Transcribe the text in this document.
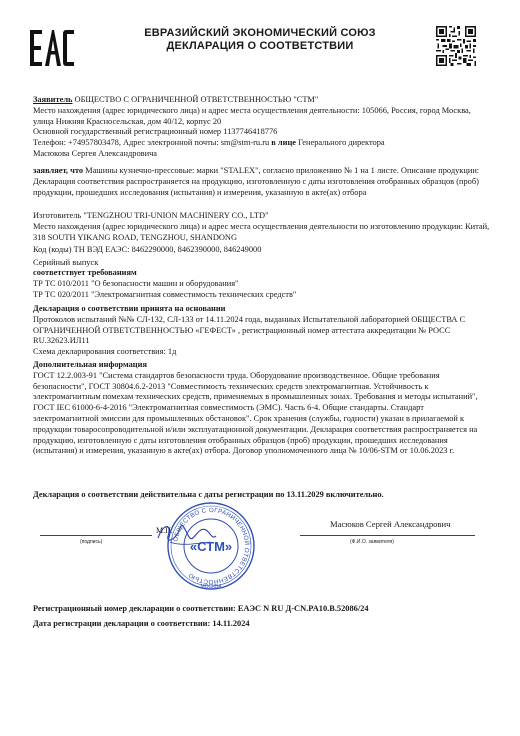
ЕВРАЗИЙСКИЙ ЭКОНОМИЧЕСКИЙ СОЮЗ
ДЕКЛАРАЦИЯ О СООТВЕТСТВИИ

Заявитель ОБЩЕСТВО С ОГРАНИЧЕННОЙ ОТВЕТСТВЕННОСТЬЮ "СТМ"

Место нахождения (адрес юридического лица) и адрес места осуществления деятельности: 105066, Россия, город Москва, улица Нижняя Красносельская, дом 40/12, корпус 20

Основной государственный регистрационный номер 1137746418776

Телефон: +74957803478, Адрес электронной почты: sm@stm-ru.ru в лице Генерального директора

Масюкова Сергея Александровича

заявляет, что Машины кузнечно-прессовые: марки "STALEX", согласно приложению № 1 на 1 листе. Описание продукции: Декларация соответствия распространяется на продукцию, изготовленную с даты изготовления отобранных образцов (проб) продукции, прошедших исследования (испытания) и измерения, указанную в акте(ах) отбора

Изготовитель "TENGZHOU TRI-UNION MACHINERY CO., LTD"

Место нахождения (адрес юридического лица) и адрес места осуществления деятельности по изготовлению продукции: Китай, 318 SOUTH YIKANG ROAD, TENGZHOU, SHANDONG

Код (коды) ТН ВЭД ЕАЭС: 8462290000, 8462390000, 846249000

Серийный выпуск

соответствует требованиям

ТР ТС 010/2011 "О безопасности машин и оборудования"

ТР ТС 020/2011 "Электромагнитная совместимость технических средств"

Декларация о соответствии принята на основании

Протоколов испытаний №№ СЛ-132, СЛ-133 от 14.11.2024 года, выданных Испытательной лабораторией ОБЩЕСТВА С ОГРАНИЧЕННОЙ ОТВЕТСТВЕННОСТЬЮ «ГЕФЕСТ» , регистрационный номер аттестата аккредитации № РОСС RU.32623.ИЛ11

Схема декларирования соответствия: 1д

Дополнительная информация

ГОСТ 12.2.003-91 "Система стандартов безопасности труда. Оборудование производственное. Общие требования безопасности", ГОСТ 30804.6.2-2013 "Совместимость технических средств электромагнитная. Устойчивость к электромагнитным помехам технических средств, применяемых в промышленных зонах. Требования и методы испытаний", ГОСТ IEC 61000-6-4-2016 "Электромагнитная совместимость (ЭМС). Часть 6-4. Общие стандарты. Стандарт электромагнитной эмиссии для промышленных обстановок". Срок хранения (службы, годности) указан в прилагаемой к продукции товаросопроводительной и/или эксплуатационной документации. Декларация соответствия распространяется на продукцию, изготовленную с даты изготовления отобранных образцов (проб) продукции, прошедших исследования (испытания) и измерения, указанную в акте(ах) отбора. Договор уполномоченного лица № 10/06-STM от 10.06.2023 г.

Декларация о соответствии действительна с даты регистрации по 13.11.2029 включительно.
(подпись)
М.П.
ОБЩЕСТВО С ОГРАНИЧЕННОЙ ОТВЕТСТВЕННОСТЬЮ
«СТМ»
МОСКВА
Масюков Сергей Александрович
(Ф.И.О. заявителя)
Регистрационный номер декларации о соответствии: ЕАЭС N RU Д-CN.PA10.B.52086/24
Дата регистрации декларации о соответствии: 14.11.2024
